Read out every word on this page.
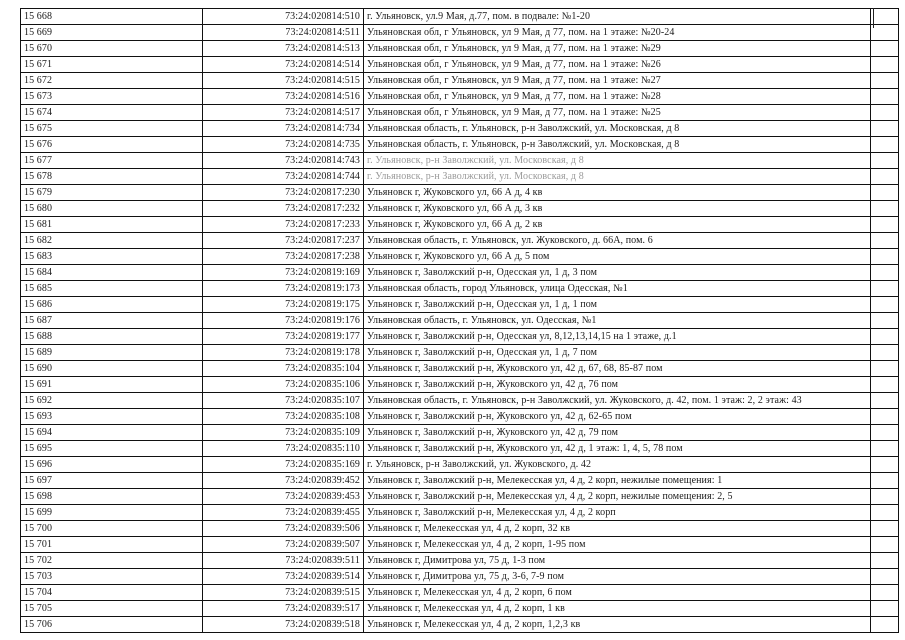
15 668	73:24:020814:510	г. Ульяновск, ул.9 Мая, д.77, пом. в подвале: №1-20	
15 669	73:24:020814:511	Ульяновская обл, г Ульяновск, ул 9 Мая, д 77, пом. на 1 этаже: №20-24	
15 670	73:24:020814:513	Ульяновская обл, г Ульяновск, ул 9 Мая, д 77, пом. на 1 этаже: №29	
15 671	73:24:020814:514	Ульяновская обл, г Ульяновск, ул 9 Мая, д 77, пом. на 1 этаже: №26	
15 672	73:24:020814:515	Ульяновская обл, г Ульяновск, ул 9 Мая, д 77, пом. на 1 этаже: №27	
15 673	73:24:020814:516	Ульяновская обл, г Ульяновск, ул 9 Мая, д 77, пом. на 1 этаже: №28	
15 674	73:24:020814:517	Ульяновская обл, г Ульяновск, ул 9 Мая, д 77, пом. на 1 этаже: №25	
15 675	73:24:020814:734	Ульяновская область, г. Ульяновск, р-н Заволжский, ул. Московская, д 8	
15 676	73:24:020814:735	Ульяновская область, г. Ульяновск, р-н Заволжский, ул. Московская, д 8	
15 677	73:24:020814:743	г. Ульяновск, р-н Заволжский, ул. Московская, д 8	
15 678	73:24:020814:744	г. Ульяновск, р-н Заволжский, ул. Московская, д 8	
15 679	73:24:020817:230	Ульяновск г, Жуковского ул, 66 А д, 4 кв	
15 680	73:24:020817:232	Ульяновск г, Жуковского ул, 66 А д, 3 кв	
15 681	73:24:020817:233	Ульяновск г, Жуковского ул, 66 А д, 2 кв	
15 682	73:24:020817:237	Ульяновская область, г. Ульяновск, ул. Жуковского, д. 66А, пом. 6	
15 683	73:24:020817:238	Ульяновск г, Жуковского ул, 66 А д, 5 пом	
15 684	73:24:020819:169	Ульяновск г, Заволжский р-н, Одесская ул, 1 д, 3 пом	
15 685	73:24:020819:173	Ульяновская область, город Ульяновск, улица Одесская, №1	
15 686	73:24:020819:175	Ульяновск г, Заволжский р-н, Одесская ул, 1 д, 1 пом	
15 687	73:24:020819:176	Ульяновская область, г. Ульяновск, ул. Одесская, №1	
15 688	73:24:020819:177	Ульяновск г, Заволжский р-н, Одесская ул, 8,12,13,14,15 на 1 этаже, д.1	
15 689	73:24:020819:178	Ульяновск г, Заволжский р-н, Одесская ул, 1 д, 7 пом	
15 690	73:24:020835:104	Ульяновск г, Заволжский р-н, Жуковского ул, 42 д, 67, 68, 85-87 пом	
15 691	73:24:020835:106	Ульяновск г, Заволжский р-н, Жуковского ул, 42 д, 76 пом	
15 692	73:24:020835:107	Ульяновская область, г. Ульяновск, р-н Заволжский, ул. Жуковского, д. 42, пом. 1 этаж: 2, 2 этаж: 43	
15 693	73:24:020835:108	Ульяновск г, Заволжский р-н, Жуковского ул, 42 д, 62-65 пом	
15 694	73:24:020835:109	Ульяновск г, Заволжский р-н, Жуковского ул, 42 д, 79 пом	
15 695	73:24:020835:110	Ульяновск г, Заволжский р-н, Жуковского ул, 42 д, 1 этаж: 1, 4, 5, 78 пом	
15 696	73:24:020835:169	г. Ульяновск, р-н Заволжский, ул. Жуковского, д. 42	
15 697	73:24:020839:452	Ульяновск г, Заволжский р-н, Мелекесская ул, 4 д, 2 корп, нежилые помещения: 1	
15 698	73:24:020839:453	Ульяновск г, Заволжский р-н, Мелекесская ул, 4 д, 2 корп, нежилые помещения: 2, 5	
15 699	73:24:020839:455	Ульяновск г, Заволжский р-н, Мелекесская ул, 4 д, 2 корп	
15 700	73:24:020839:506	Ульяновск г, Мелекесская ул, 4 д, 2 корп, 32 кв	
15 701	73:24:020839:507	Ульяновск г, Мелекесская ул, 4 д, 2 корп, 1-95 пом	
15 702	73:24:020839:511	Ульяновск г, Димитрова ул, 75 д, 1-3 пом	
15 703	73:24:020839:514	Ульяновск г, Димитрова ул, 75 д, 3-6, 7-9 пом	
15 704	73:24:020839:515	Ульяновск г, Мелекесская ул, 4 д, 2 корп, 6 пом	
15 705	73:24:020839:517	Ульяновск г, Мелекесская ул, 4 д, 2 корп, 1 кв	
15 706	73:24:020839:518	Ульяновск г, Мелекесская ул, 4 д, 2 корп, 1,2,3 кв	
